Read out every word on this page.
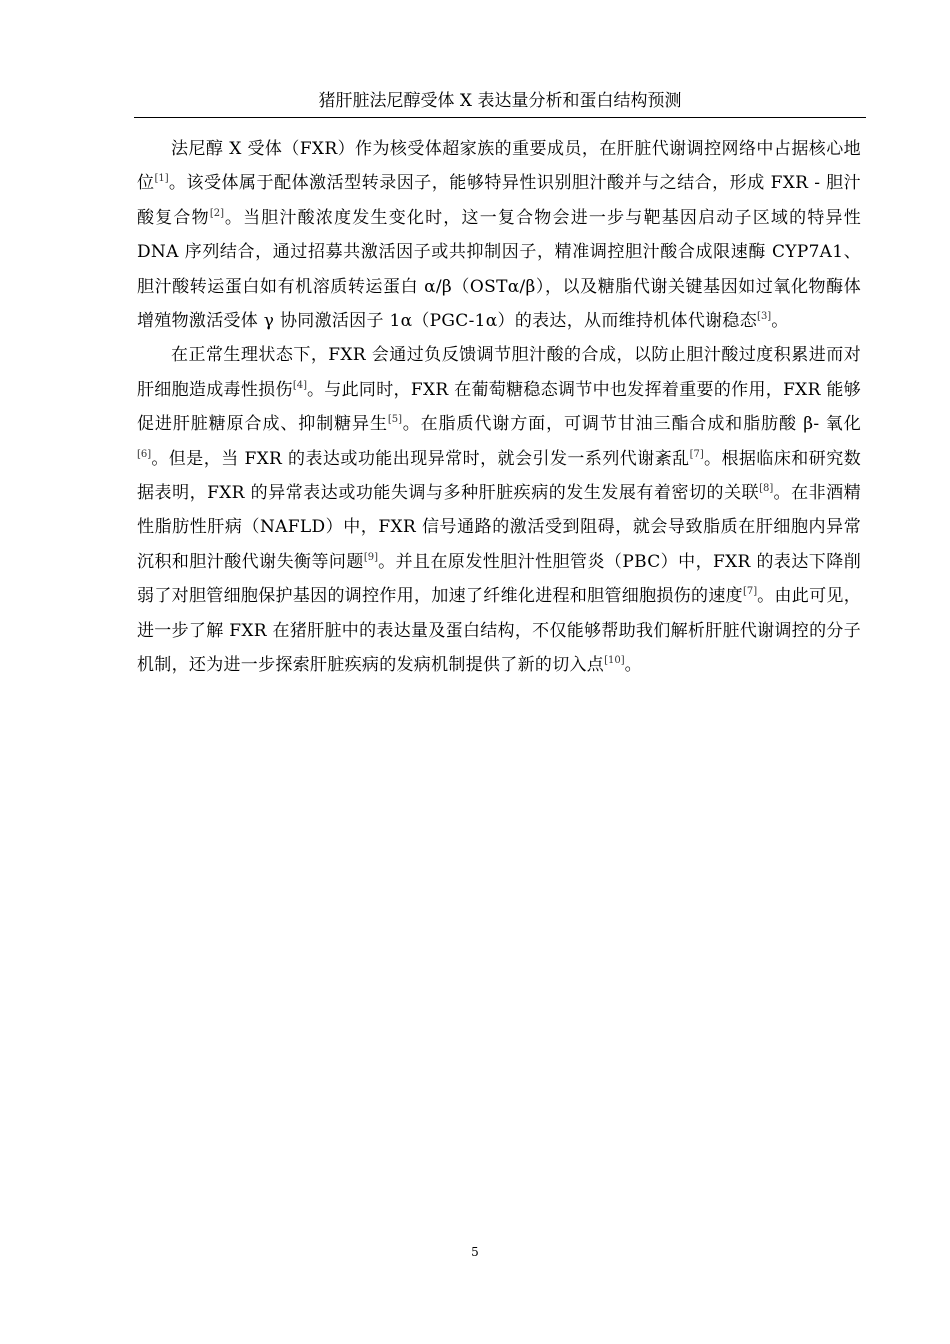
猪肝脏法尼醇受体 X 表达量分析和蛋白结构预测

法尼醇 X 受体（FXR）作为核受体超家族的重要成员，在肝脏代谢调控网络中占据核心地位[1]。该受体属于配体激活型转录因子，能够特异性识别胆汁酸并与之结合，形成 FXR - 胆汁酸复合物[2]。当胆汁酸浓度发生变化时，这一复合物会进一步与靶基因启动子区域的特异性 DNA 序列结合，通过招募共激活因子或共抑制因子，精准调控胆汁酸合成限速酶 CYP7A1、胆汁酸转运蛋白如有机溶质转运蛋白 α/β（OSTα/β），以及糖脂代谢关键基因如过氧化物酶体增殖物激活受体 γ 协同激活因子 1α（PGC-1α）的表达，从而维持机体代谢稳态[3]。

在正常生理状态下，FXR 会通过负反馈调节胆汁酸的合成，以防止胆汁酸过度积累进而对肝细胞造成毒性损伤[4]。与此同时，FXR 在葡萄糖稳态调节中也发挥着重要的作用，FXR 能够促进肝脏糖原合成、抑制糖异生[5]。在脂质代谢方面，可调节甘油三酯合成和脂肪酸 β- 氧化[6]。但是，当 FXR 的表达或功能出现异常时，就会引发一系列代谢紊乱[7]。根据临床和研究数据表明，FXR 的异常表达或功能失调与多种肝脏疾病的发生发展有着密切的关联[8]。在非酒精性脂肪性肝病（NAFLD）中，FXR 信号通路的激活受到阻碍，就会导致脂质在肝细胞内异常沉积和胆汁酸代谢失衡等问题[9]。并且在原发性胆汁性胆管炎（PBC）中，FXR 的表达下降削弱了对胆管细胞保护基因的调控作用，加速了纤维化进程和胆管细胞损伤的速度[7]。由此可见，进一步了解 FXR 在猪肝脏中的表达量及蛋白结构，不仅能够帮助我们解析肝脏代谢调控的分子机制，还为进一步探索肝脏疾病的发病机制提供了新的切入点[10]。

5
